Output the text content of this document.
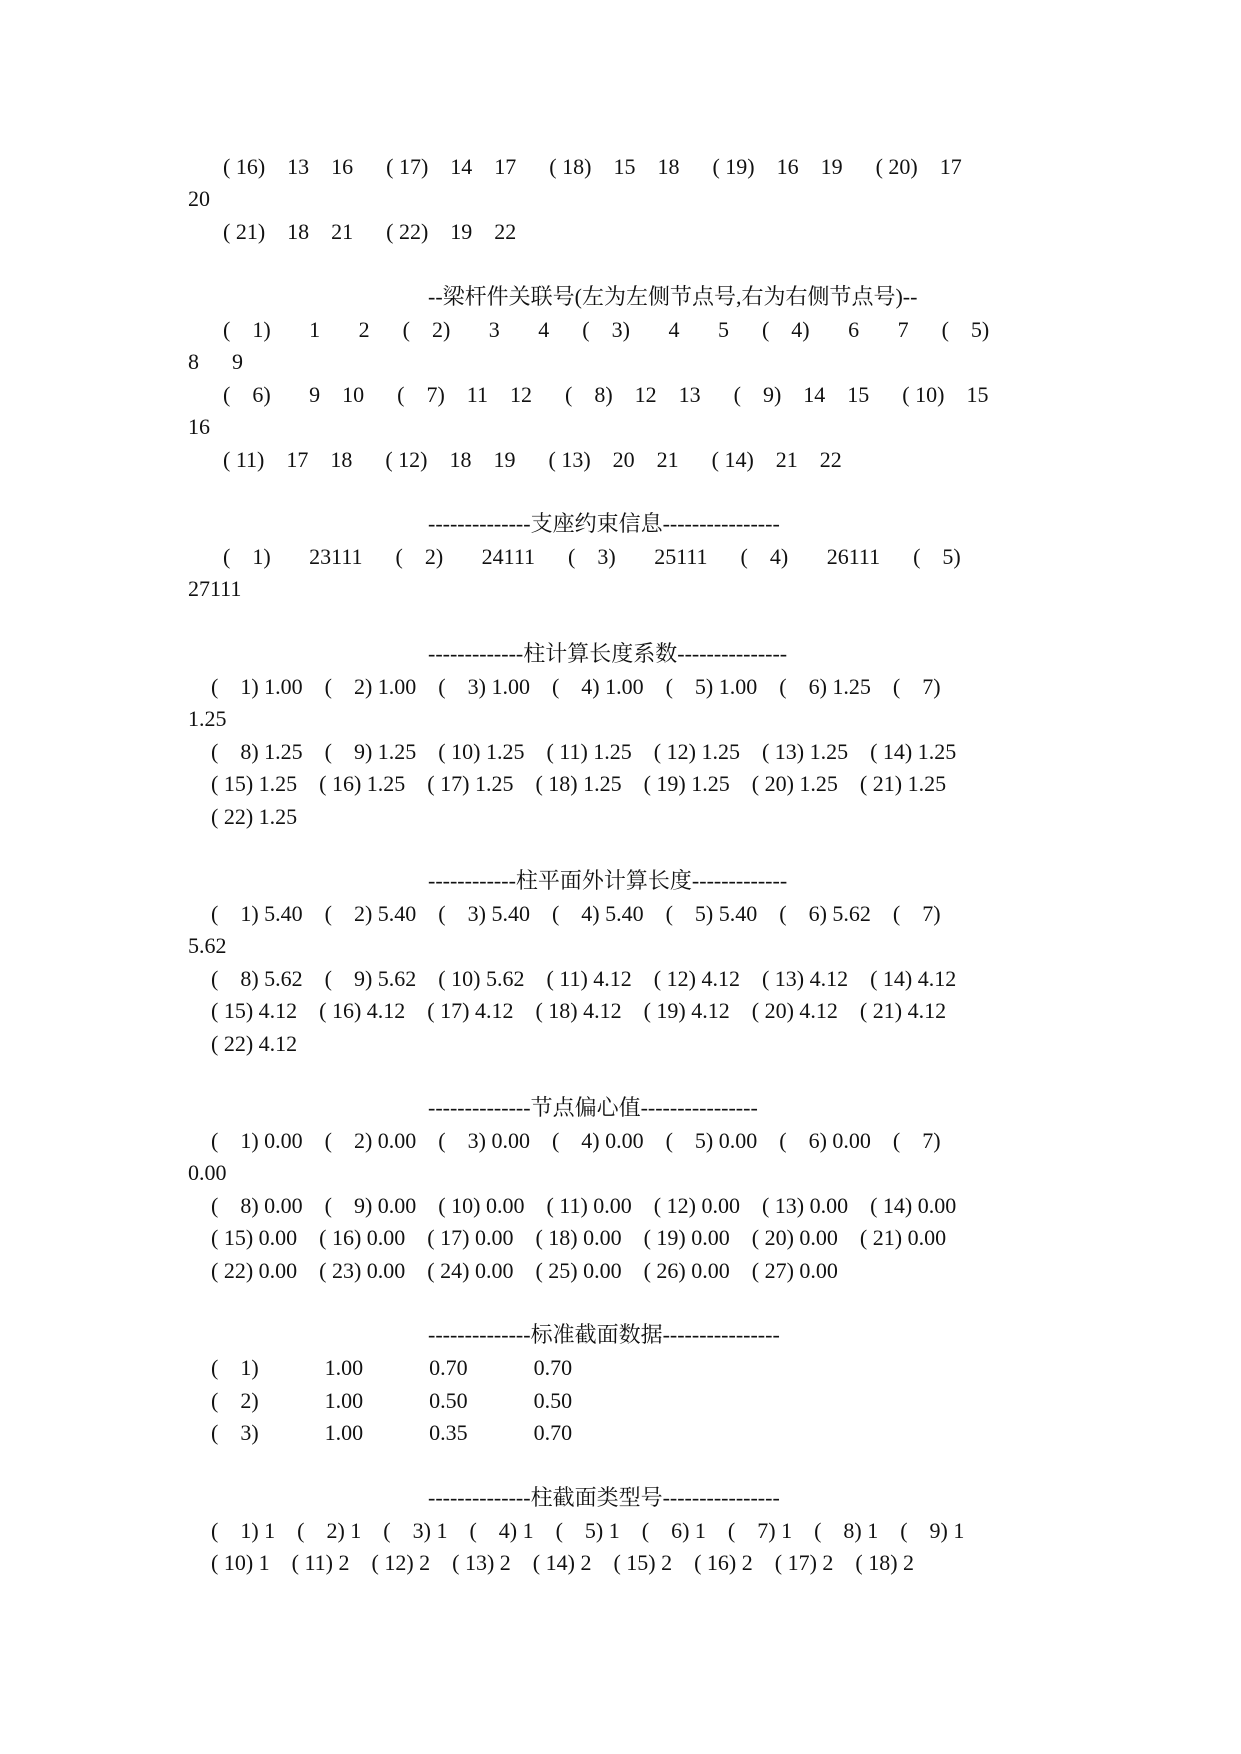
( 16)    13    16      ( 17)    14    17      ( 18)    15    18      ( 19)    16    19      ( 20)    17
20
( 21)    18    21      ( 22)    19    22
--梁杆件关联号(左为左侧节点号,右为右侧节点号)--
(    1)       1       2      (    2)       3       4      (    3)       4       5      (    4)       6       7      (    5)
8      9
(    6)       9    10      (    7)    11    12      (    8)    12    13      (    9)    14    15      ( 10)    15
16
( 11)    17    18      ( 12)    18    19      ( 13)    20    21      ( 14)    21    22
--------------支座约束信息----------------
(    1)       23111      (    2)       24111      (    3)       25111      (    4)       26111      (    5)
27111
-------------柱计算长度系数---------------
(    1) 1.00    (    2) 1.00    (    3) 1.00    (    4) 1.00    (    5) 1.00    (    6) 1.25    (    7)
1.25
(    8) 1.25    (    9) 1.25    ( 10) 1.25    ( 11) 1.25    ( 12) 1.25    ( 13) 1.25    ( 14) 1.25
( 15) 1.25    ( 16) 1.25    ( 17) 1.25    ( 18) 1.25    ( 19) 1.25    ( 20) 1.25    ( 21) 1.25
( 22) 1.25
------------柱平面外计算长度-------------
(    1) 5.40    (    2) 5.40    (    3) 5.40    (    4) 5.40    (    5) 5.40    (    6) 5.62    (    7)
5.62
(    8) 5.62    (    9) 5.62    ( 10) 5.62    ( 11) 4.12    ( 12) 4.12    ( 13) 4.12    ( 14) 4.12
( 15) 4.12    ( 16) 4.12    ( 17) 4.12    ( 18) 4.12    ( 19) 4.12    ( 20) 4.12    ( 21) 4.12
( 22) 4.12
--------------节点偏心值----------------
(    1) 0.00    (    2) 0.00    (    3) 0.00    (    4) 0.00    (    5) 0.00    (    6) 0.00    (    7)
0.00
(    8) 0.00    (    9) 0.00    ( 10) 0.00    ( 11) 0.00    ( 12) 0.00    ( 13) 0.00    ( 14) 0.00
( 15) 0.00    ( 16) 0.00    ( 17) 0.00    ( 18) 0.00    ( 19) 0.00    ( 20) 0.00    ( 21) 0.00
( 22) 0.00    ( 23) 0.00    ( 24) 0.00    ( 25) 0.00    ( 26) 0.00    ( 27) 0.00
--------------标准截面数据----------------
(    1)            1.00            0.70            0.70
(    2)            1.00            0.50            0.50
(    3)            1.00            0.35            0.70
--------------柱截面类型号----------------
(    1) 1    (    2) 1    (    3) 1    (    4) 1    (    5) 1    (    6) 1    (    7) 1    (    8) 1    (    9) 1
( 10) 1    ( 11) 2    ( 12) 2    ( 13) 2    ( 14) 2    ( 15) 2    ( 16) 2    ( 17) 2    ( 18) 2
